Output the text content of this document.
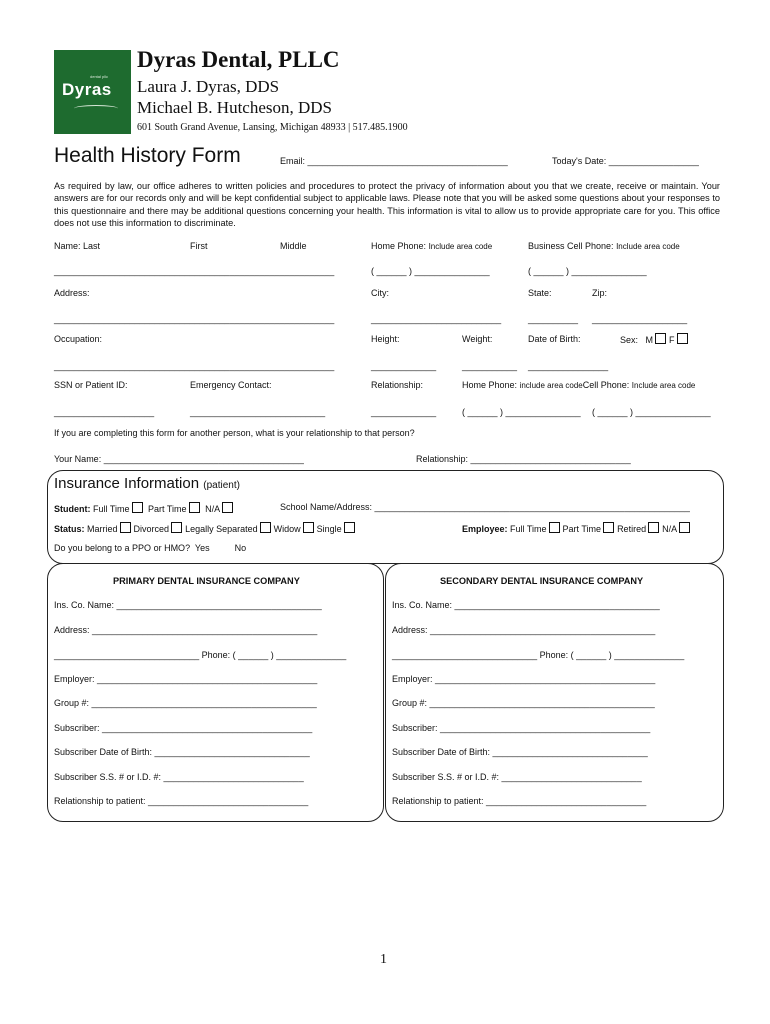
dental pllc
Dyras
Dyras Dental, PLLC
Laura J. Dyras, DDS
Michael B. Hutcheson, DDS
601 South Grand Avenue, Lansing, Michigan 48933 | 517.485.1900
Health History Form	Email: ________________________________________	Today's Date: __________________
As required by law, our office adheres to written policies and procedures to protect the privacy of information about you that we create, receive or maintain. Your answers are for our records only and will be kept confidential subject to applicable laws. Please note that you will be asked some questions about your responses to this questionnaire and there may be additional questions concerning your health. This information is vital to allow us to provide appropriate care for you. This office does not use this information to discriminate.
Name: Last	First	Middle	Home Phone: Include area code	Business Cell Phone: Include area code
________________________________________________________	( ______ ) _______________	( ______ ) _______________
Address:	City:	State:	Zip:
________________________________________________________	__________________________	__________ ___________________
Occupation:	Height:	Weight:	Date of Birth:	Sex: M F
________________________________________________________	_____________	___________ ________________
SSN or Patient ID:	Emergency Contact:	Relationship:	Home Phone: include area codeCell Phone: Include area code
____________________	___________________________	_____________	( ______ ) _______________ ( ______ ) _______________
If you are completing this form for another person, what is your relationship to that person?
Your Name: ________________________________________	Relationship: ________________________________
Insurance Information (patient)
Student: Full Time Part Time N/A	School Name/Address: _______________________________________________________________
Status: Married Divorced Legally Separated Widow Single	Employee: Full Time Part Time Retired N/A
Do you belong to a PPO or HMO? Yes	No
PRIMARY DENTAL INSURANCE COMPANY
Ins. Co. Name: _________________________________________
Address: _____________________________________________
_____________________________ Phone: ( ______ ) ______________
Employer: ____________________________________________
Group #: _____________________________________________
Subscriber: __________________________________________
Subscriber Date of Birth: _______________________________
Subscriber S.S. # or I.D. #: ____________________________
Relationship to patient: ________________________________
SECONDARY DENTAL INSURANCE COMPANY
Ins. Co. Name: _________________________________________
Address: _____________________________________________
_____________________________ Phone: ( ______ ) ______________
Employer: ____________________________________________
Group #: _____________________________________________
Subscriber: __________________________________________
Subscriber Date of Birth: _______________________________
Subscriber S.S. # or I.D. #: ____________________________
Relationship to patient: ________________________________
1
